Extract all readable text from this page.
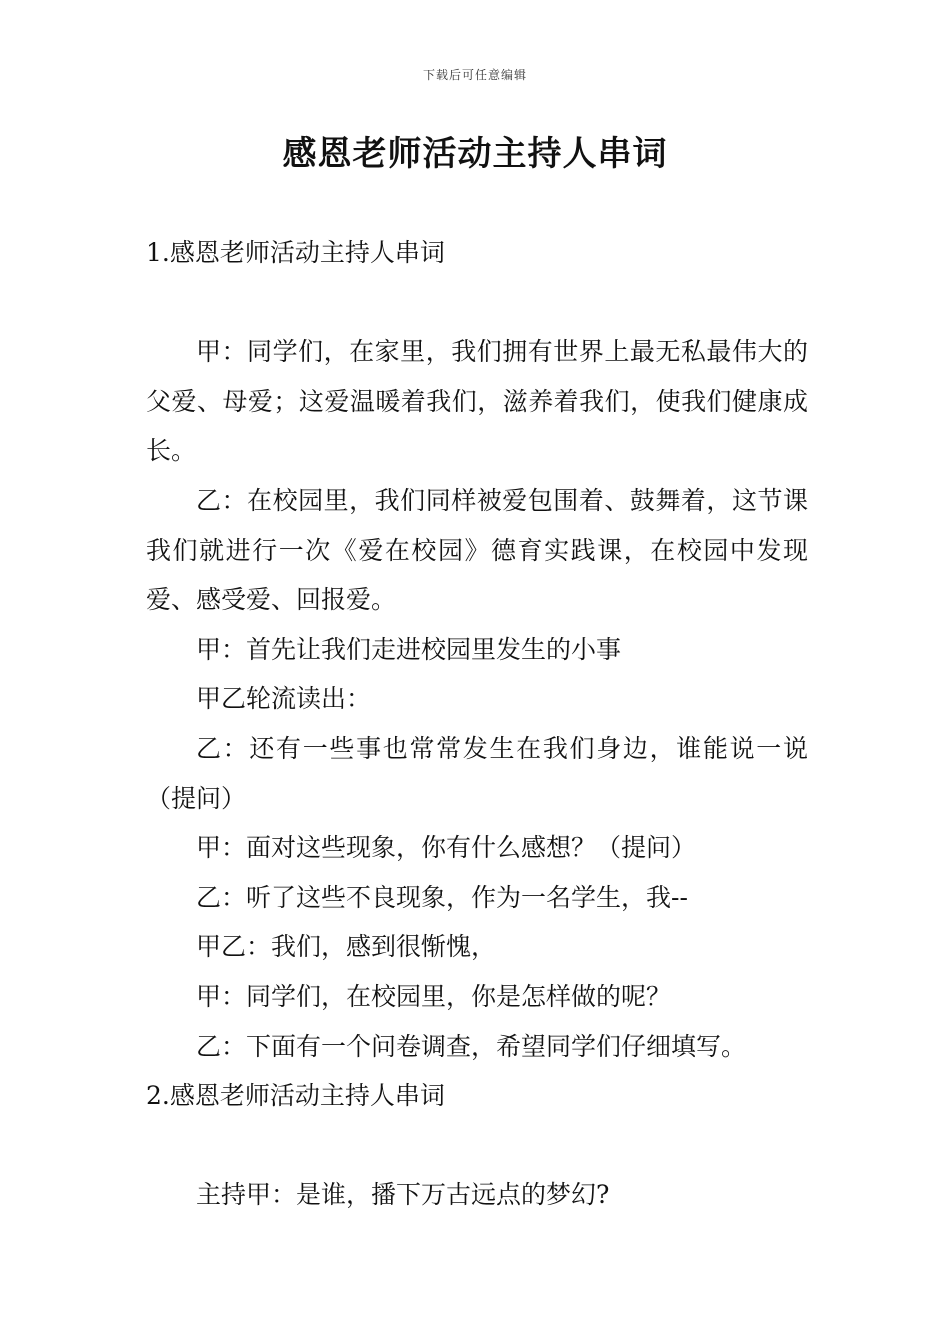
下载后可任意编辑
感恩老师活动主持人串词
1.感恩老师活动主持人串词

甲：同学们，在家里，我们拥有世界上最无私最伟大的父爱、母爱；这爱温暖着我们，滋养着我们，使我们健康成长。

乙：在校园里，我们同样被爱包围着、鼓舞着，这节课我们就进行一次《爱在校园》德育实践课，在校园中发现爱、感受爱、回报爱。

甲：首先让我们走进校园里发生的小事

甲乙轮流读出：

乙：还有一些事也常常发生在我们身边，谁能说一说（提问）

甲：面对这些现象，你有什么感想？（提问）

乙：听了这些不良现象，作为一名学生，我--

甲乙：我们，感到很惭愧，

甲：同学们，在校园里，你是怎样做的呢？

乙：下面有一个问卷调查，希望同学们仔细填写。

2.感恩老师活动主持人串词

主持甲：是谁，播下万古远点的梦幻?
